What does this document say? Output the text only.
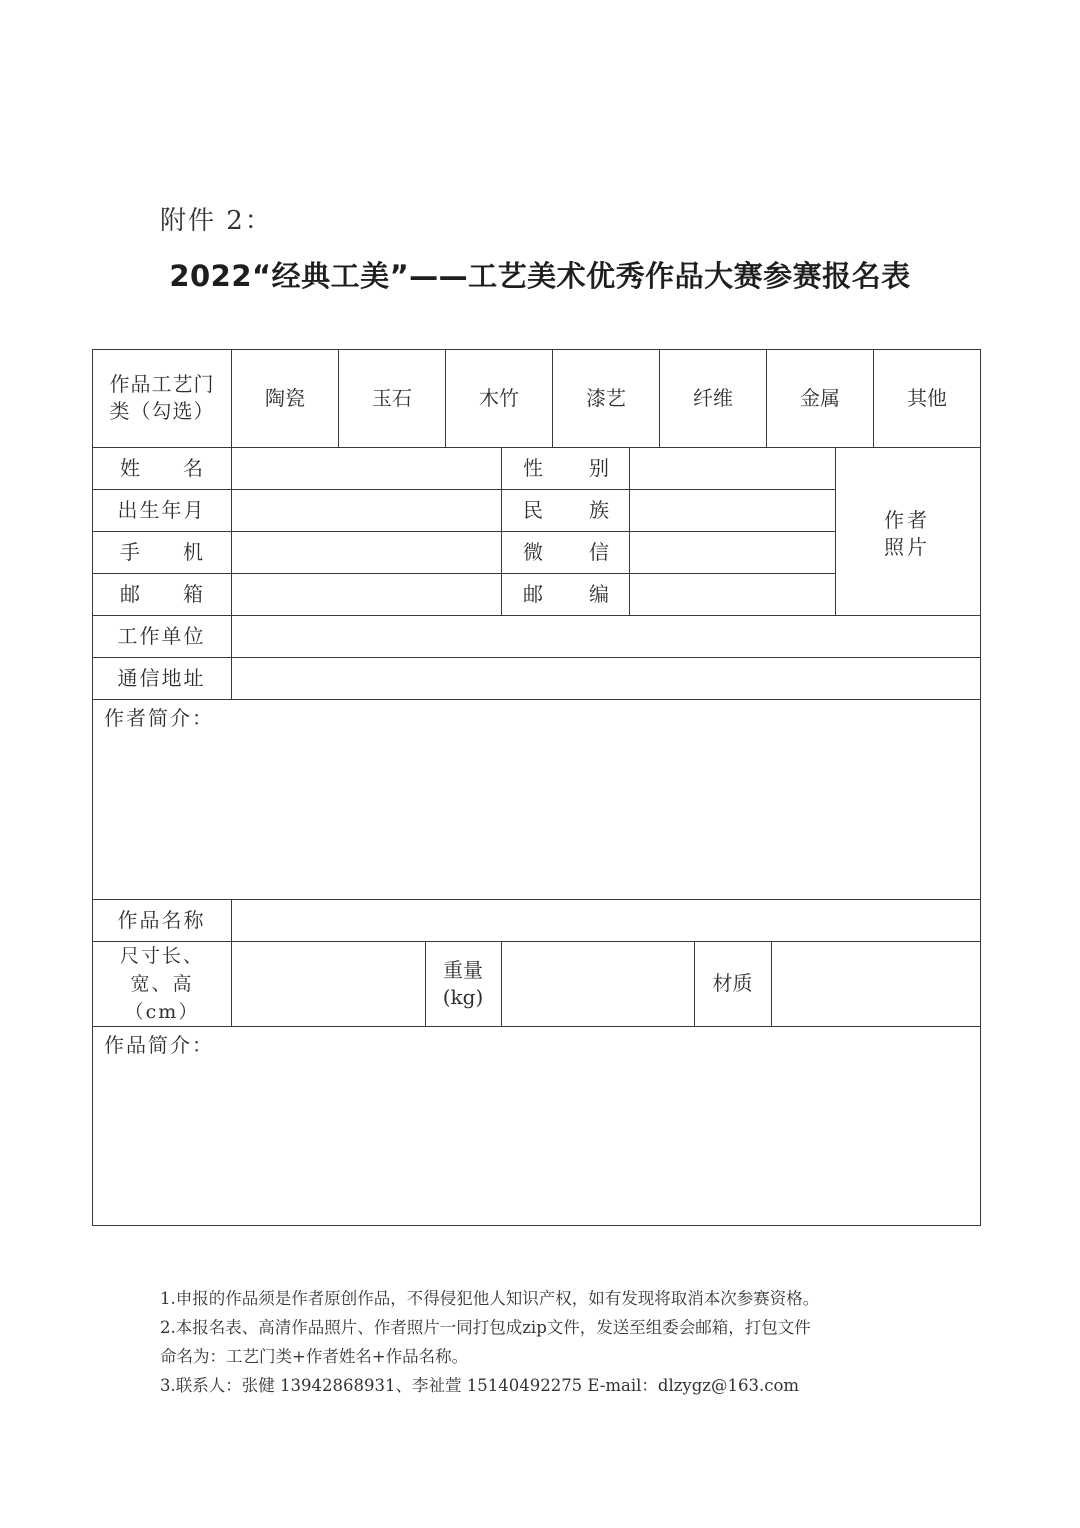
附件 2：
2022“经典工美”——工艺美术优秀作品大赛参赛报名表
作品工艺门类（勾选）
陶瓷	玉石	木竹	漆艺	纤维	金属	其他
姓 名	性 别
出生年月	民 族
手 机	微 信
邮 箱	邮 编
作者照片
工作单位
通信地址
作者简介：
作品名称
尺寸长、宽、高（cm）
重量(kg)
材质
作品简介：
1.申报的作品须是作者原创作品，不得侵犯他人知识产权，如有发现将取消本次参赛资格。
2.本报名表、高清作品照片、作者照片一同打包成zip文件，发送至组委会邮箱，打包文件
命名为：工艺门类+作者姓名+作品名称。
3.联系人：张健 13942868931、李祉萱 15140492275 E-mail：dlzygz@163.com
